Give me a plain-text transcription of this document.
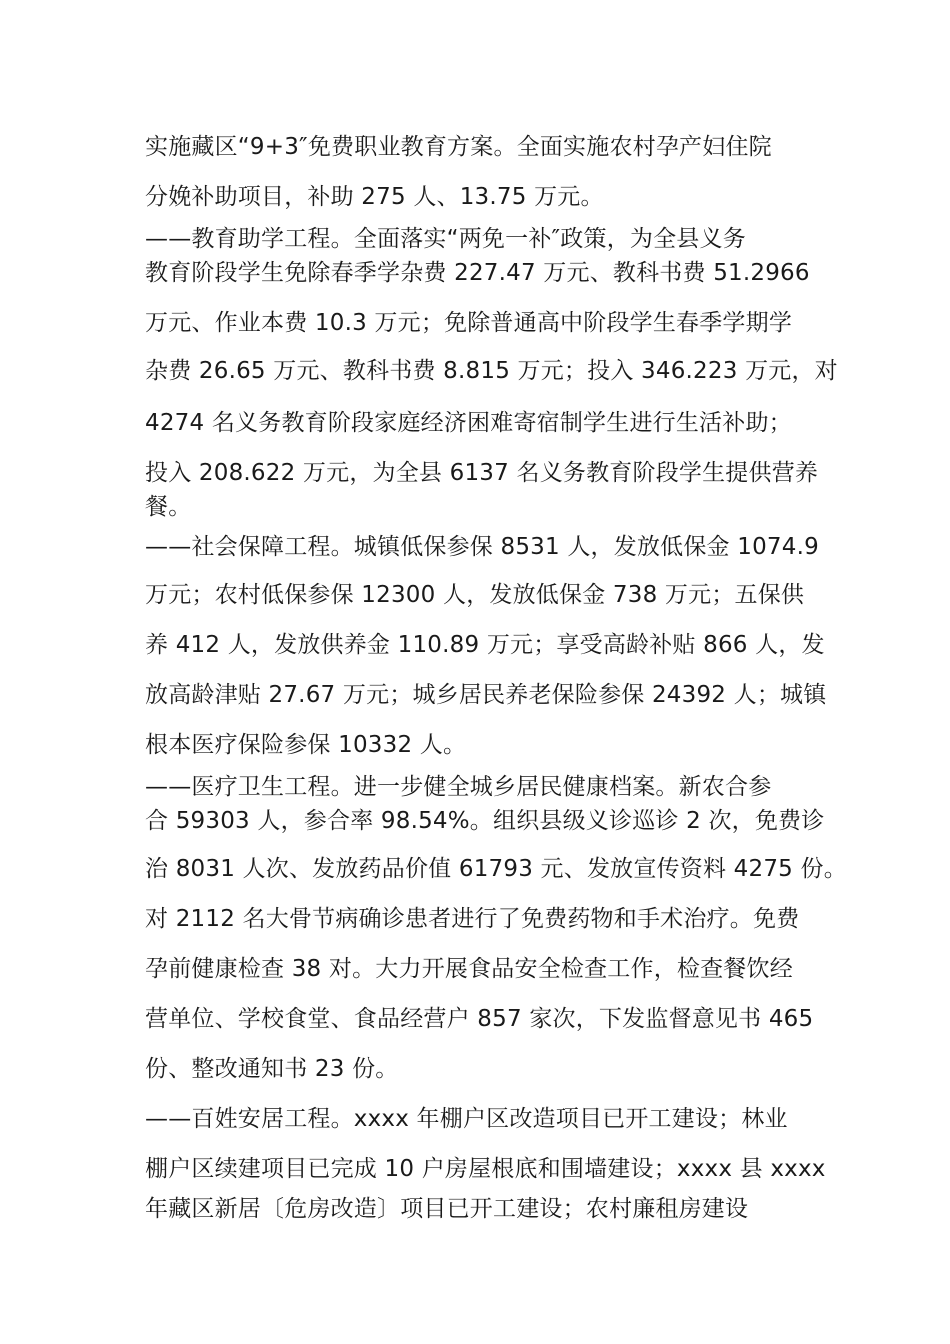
实施藏区“9+3″免费职业教育方案。全面实施农村孕产妇住院
分娩补助项目，补助 275 人、13.75 万元。
——教育助学工程。全面落实“两免一补″政策，为全县义务
教育阶段学生免除春季学杂费 227.47 万元、教科书费 51.2966
万元、作业本费 10.3 万元；免除普通高中阶段学生春季学期学
杂费 26.65 万元、教科书费 8.815 万元；投入 346.223 万元，对
4274 名义务教育阶段家庭经济困难寄宿制学生进行生活补助；
投入 208.622 万元，为全县 6137 名义务教育阶段学生提供营养
餐。
——社会保障工程。城镇低保参保 8531 人，发放低保金 1074.9
万元；农村低保参保 12300 人，发放低保金 738 万元；五保供
养 412 人，发放供养金 110.89 万元；享受高龄补贴 866 人，发
放高龄津贴 27.67 万元；城乡居民养老保险参保 24392 人；城镇
根本医疗保险参保 10332 人。
——医疗卫生工程。进一步健全城乡居民健康档案。新农合参
合 59303 人，参合率 98.54%。组织县级义诊巡诊 2 次，免费诊
治 8031 人次、发放药品价值 61793 元、发放宣传资料 4275 份。
对 2112 名大骨节病确诊患者进行了免费药物和手术治疗。免费
孕前健康检查 38 对。大力开展食品安全检查工作，检查餐饮经
营单位、学校食堂、食品经营户 857 家次，下发监督意见书 465
份、整改通知书 23 份。
——百姓安居工程。xxxx 年棚户区改造项目已开工建设；林业
棚户区续建项目已完成 10 户房屋根底和围墙建设；xxxx 县 xxxx
年藏区新居〔危房改造〕项目已开工建设；农村廉租房建设
